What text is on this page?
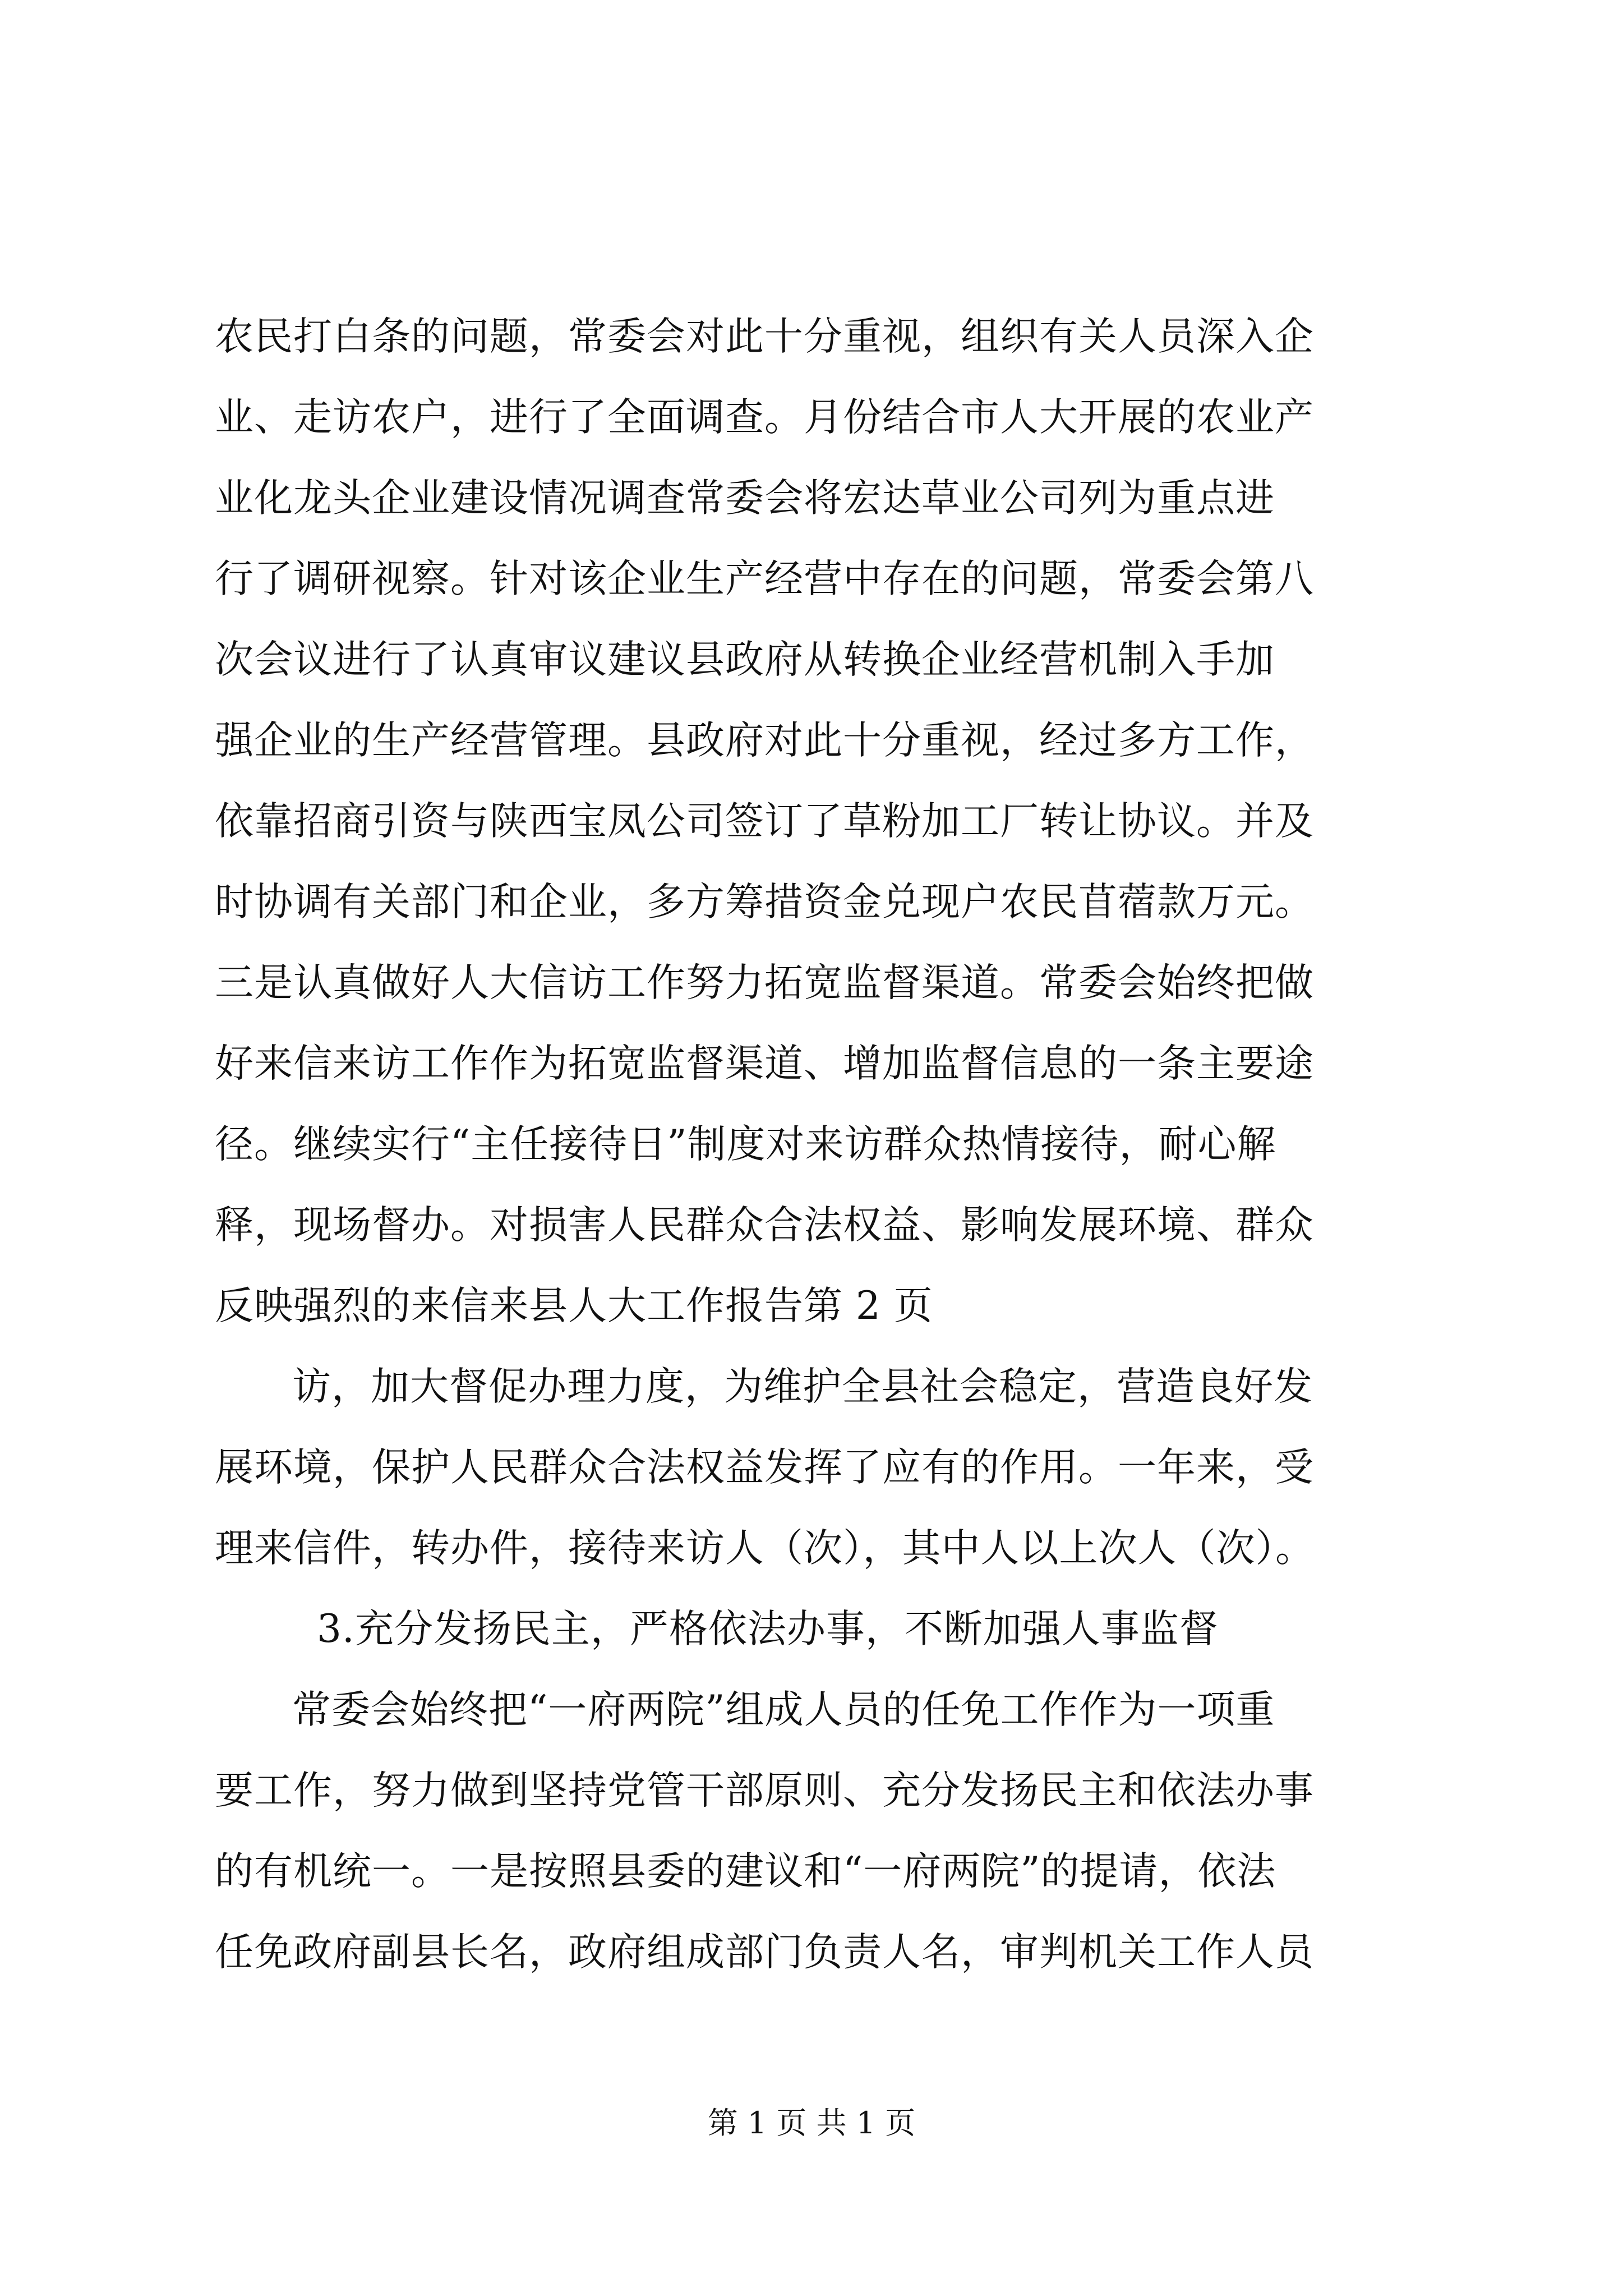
农民打白条的问题，常委会对此十分重视，组织有关人员深入企
业、走访农户，进行了全面调查。月份结合市人大开展的农业产
业化龙头企业建设情况调查常委会将宏达草业公司列为重点进
行了调研视察。针对该企业生产经营中存在的问题，常委会第八
次会议进行了认真审议建议县政府从转换企业经营机制入手加
强企业的生产经营管理。县政府对此十分重视，经过多方工作，
依靠招商引资与陕西宝凤公司签订了草粉加工厂转让协议。并及
时协调有关部门和企业，多方筹措资金兑现户农民苜蓿款万元。
三是认真做好人大信访工作努力拓宽监督渠道。常委会始终把做
好来信来访工作作为拓宽监督渠道、增加监督信息的一条主要途
径。继续实行“主任接待日”制度对来访群众热情接待，耐心解
释，现场督办。对损害人民群众合法权益、影响发展环境、群众
反映强烈的来信来县人大工作报告第 2 页
访，加大督促办理力度，为维护全县社会稳定，营造良好发
展环境，保护人民群众合法权益发挥了应有的作用。一年来，受
理来信件，转办件，接待来访人（次），其中人以上次人（次）。
3.充分发扬民主，严格依法办事，不断加强人事监督
常委会始终把“一府两院”组成人员的任免工作作为一项重
要工作，努力做到坚持党管干部原则、充分发扬民主和依法办事
的有机统一。一是按照县委的建议和“一府两院”的提请，依法
任免政府副县长名，政府组成部门负责人名，审判机关工作人员
第 1 页 共 1 页
